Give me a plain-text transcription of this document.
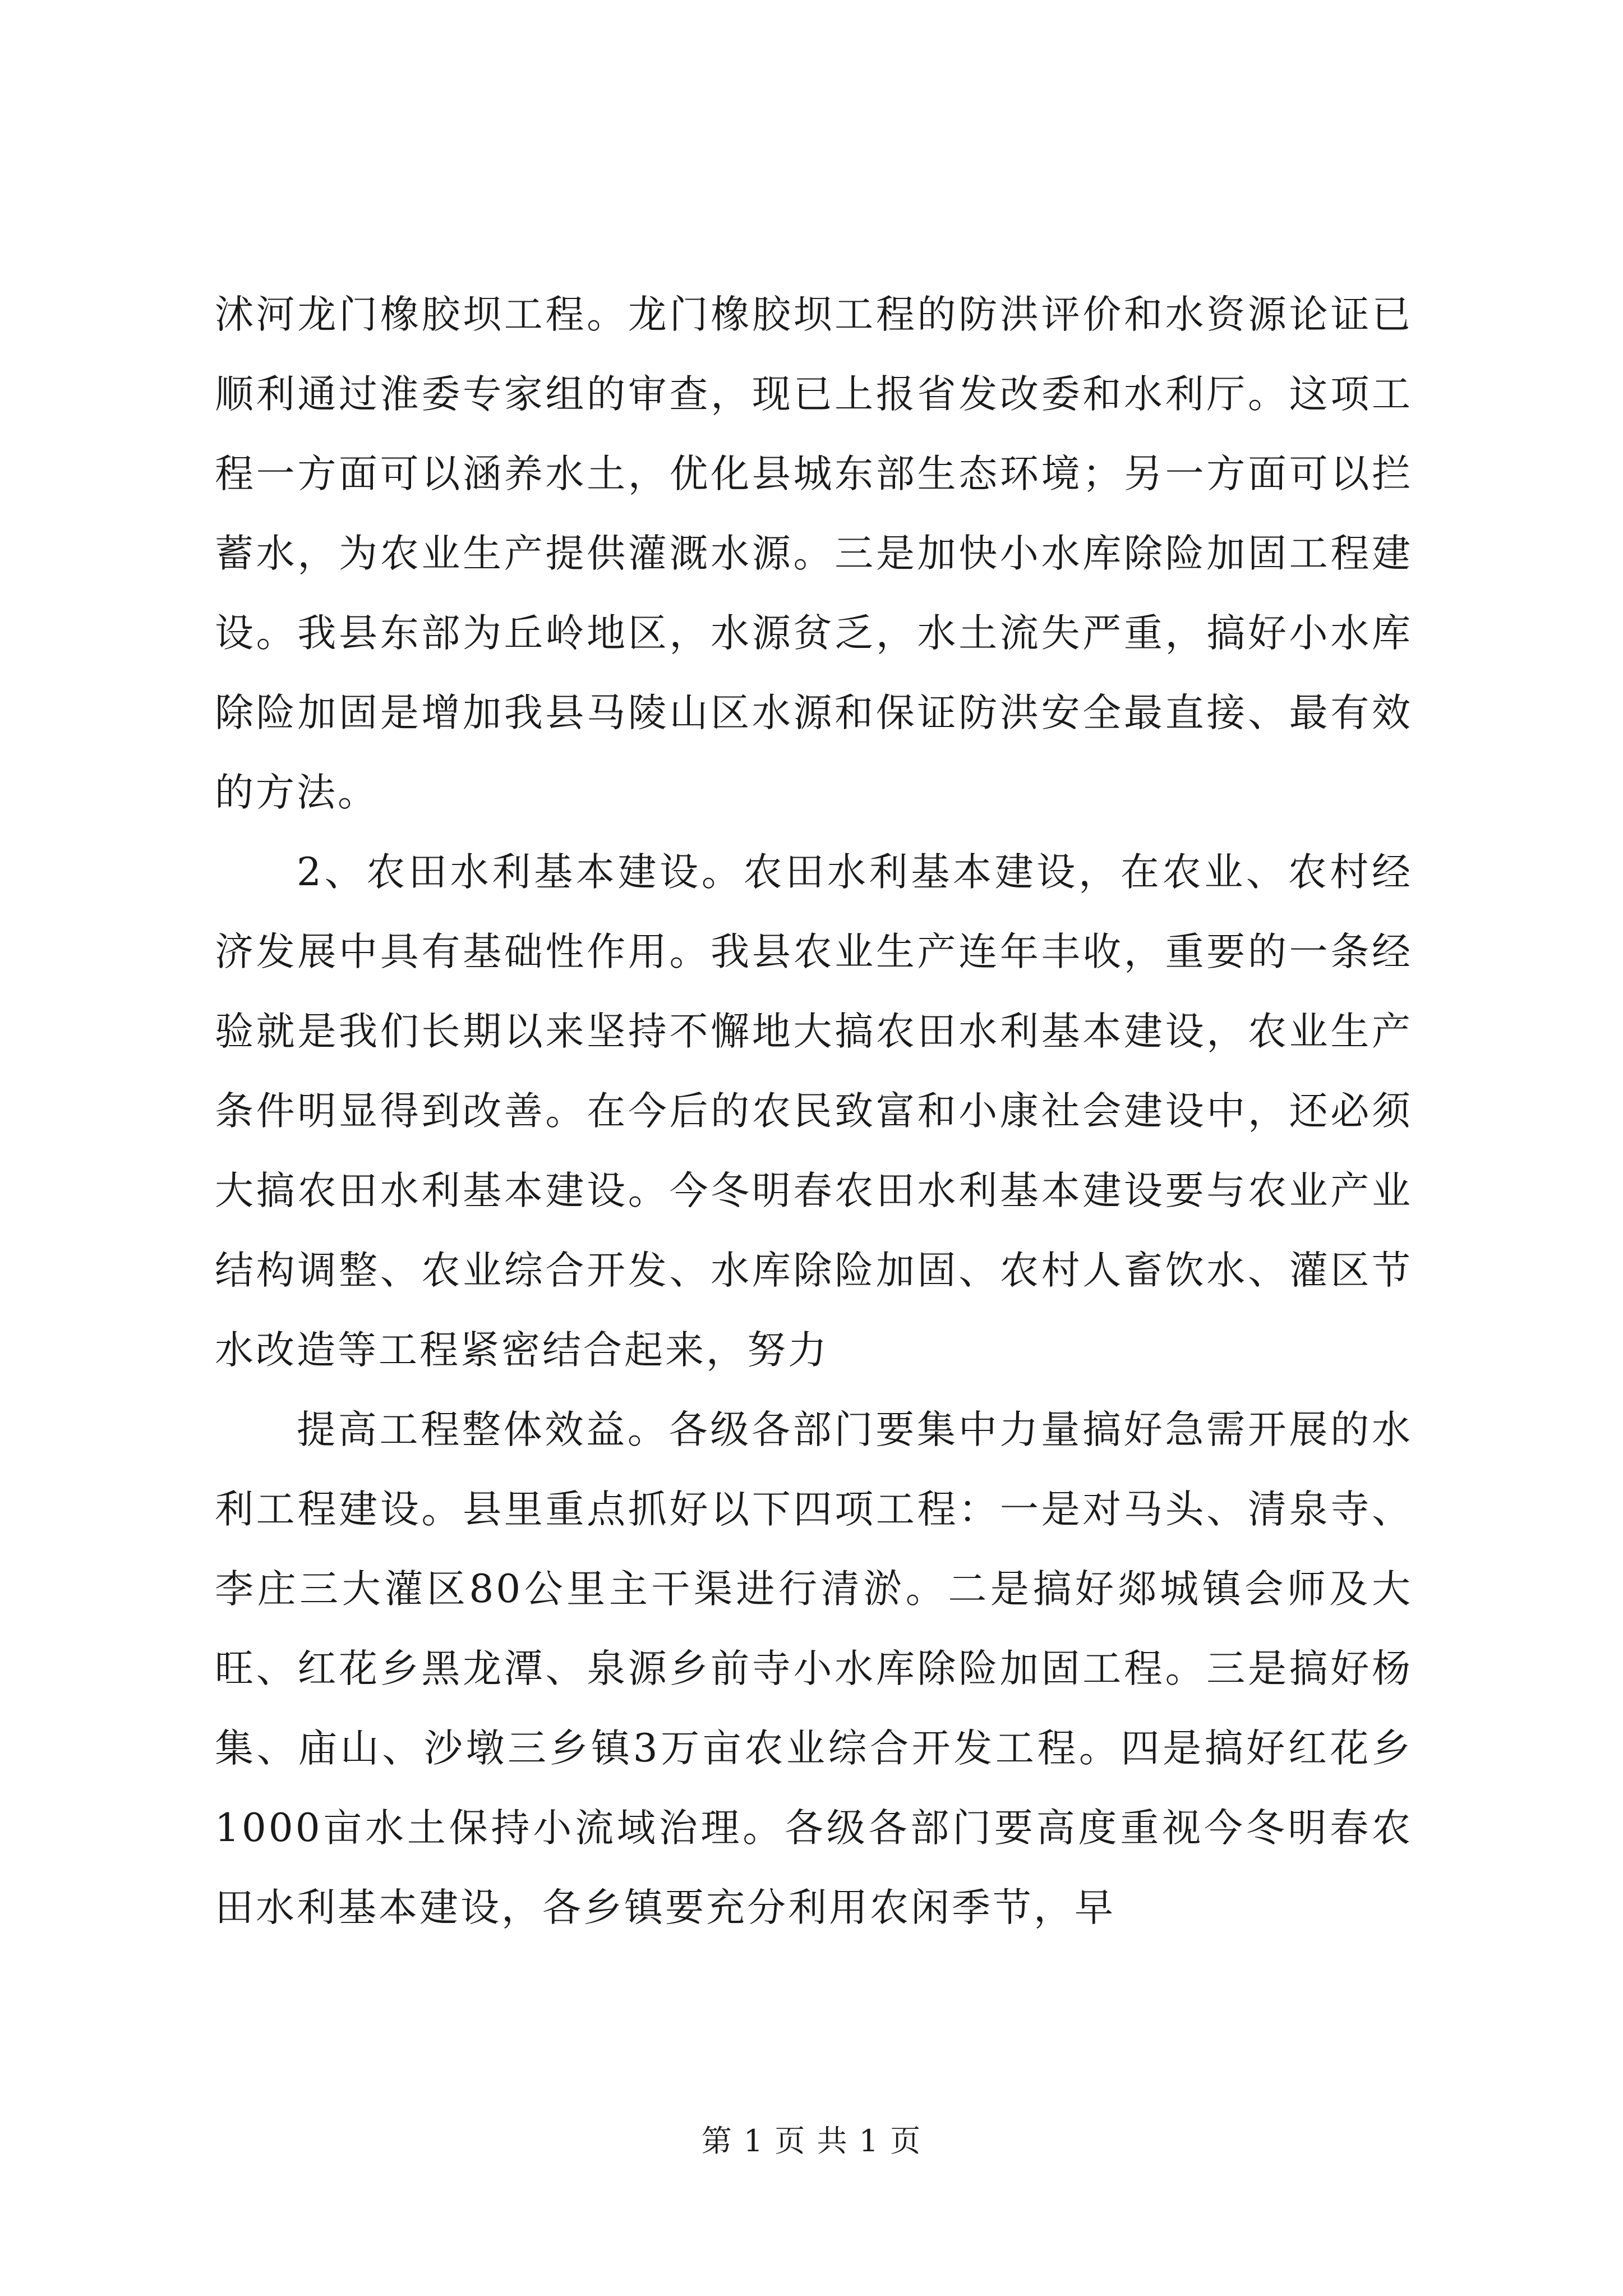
沭河龙门橡胶坝工程。龙门橡胶坝工程的防洪评价和水资源论证已顺利通过淮委专家组的审查，现已上报省发改委和水利厅。这项工程一方面可以涵养水土，优化县城东部生态环境；另一方面可以拦蓄水，为农业生产提供灌溉水源。三是加快小水库除险加固工程建设。我县东部为丘岭地区，水源贫乏，水土流失严重，搞好小水库除险加固是增加我县马陵山区水源和保证防洪安全最直接、最有效的方法。

2、农田水利基本建设。农田水利基本建设，在农业、农村经济发展中具有基础性作用。我县农业生产连年丰收，重要的一条经验就是我们长期以来坚持不懈地大搞农田水利基本建设，农业生产条件明显得到改善。在今后的农民致富和小康社会建设中，还必须大搞农田水利基本建设。今冬明春农田水利基本建设要与农业产业结构调整、农业综合开发、水库除险加固、农村人畜饮水、灌区节水改造等工程紧密结合起来，努力

提高工程整体效益。各级各部门要集中力量搞好急需开展的水利工程建设。县里重点抓好以下四项工程：一是对马头、清泉寺、李庄三大灌区80公里主干渠进行清淤。二是搞好郯城镇会师及大旺、红花乡黑龙潭、泉源乡前寺小水库除险加固工程。三是搞好杨集、庙山、沙墩三乡镇3万亩农业综合开发工程。四是搞好红花乡1000亩水土保持小流域治理。各级各部门要高度重视今冬明春农田水利基本建设，各乡镇要充分利用农闲季节，早

第 1 页 共 1 页
